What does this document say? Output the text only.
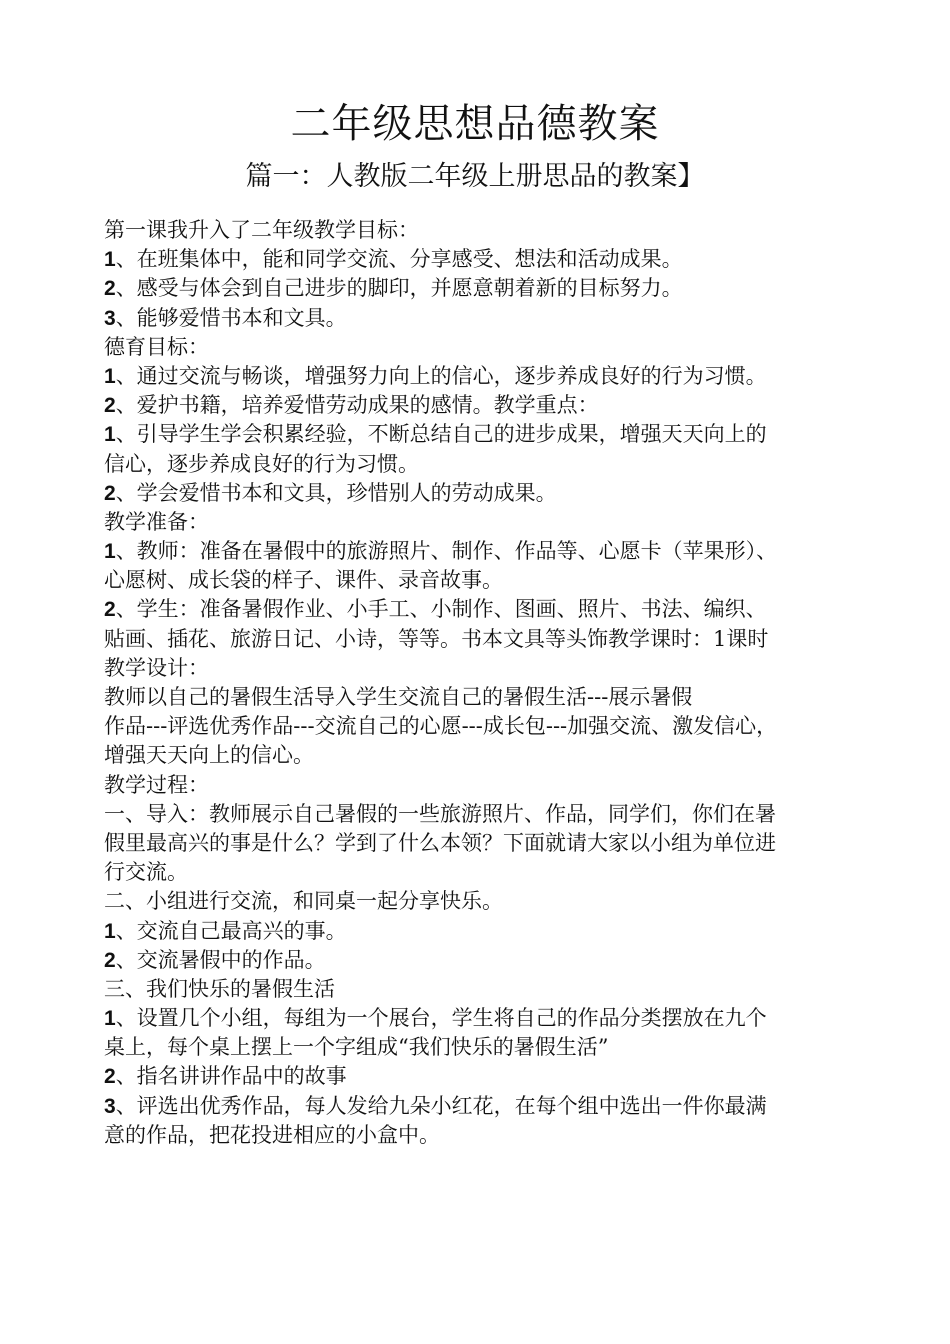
二年级思想品德教案
篇一：人教版二年级上册思品的教案】
第一课我升入了二年级教学目标：
1、在班集体中，能和同学交流、分享感受、想法和活动成果。
2、感受与体会到自己进步的脚印，并愿意朝着新的目标努力。
3、能够爱惜书本和文具。
德育目标：
1、通过交流与畅谈，增强努力向上的信心，逐步养成良好的行为习惯。
2、爱护书籍，培养爱惜劳动成果的感情。教学重点：
1、引导学生学会积累经验，不断总结自己的进步成果，增强天天向上的
信心，逐步养成良好的行为习惯。
2、学会爱惜书本和文具，珍惜别人的劳动成果。
教学准备：
1、教师：准备在暑假中的旅游照片、制作、作品等、心愿卡（苹果形）、
心愿树、成长袋的样子、课件、录音故事。
2、学生：准备暑假作业、小手工、小制作、图画、照片、书法、编织、
贴画、插花、旅游日记、小诗，等等。书本文具等头饰教学课时：1课时
教学设计：
教师以自己的暑假生活导入学生交流自己的暑假生活---展示暑假
作品---评选优秀作品---交流自己的心愿---成长包---加强交流、激发信心，
增强天天向上的信心。
教学过程：
一、导入：教师展示自己暑假的一些旅游照片、作品，同学们，你们在暑
假里最高兴的事是什么？学到了什么本领？下面就请大家以小组为单位进
行交流。
二、小组进行交流，和同桌一起分享快乐。
1、交流自己最高兴的事。
2、交流暑假中的作品。
三、我们快乐的暑假生活
1、设置几个小组，每组为一个展台，学生将自己的作品分类摆放在九个
桌上，每个桌上摆上一个字组成“我们快乐的暑假生活”
2、指名讲讲作品中的故事
3、评选出优秀作品，每人发给九朵小红花，在每个组中选出一件你最满
意的作品，把花投进相应的小盒中。
